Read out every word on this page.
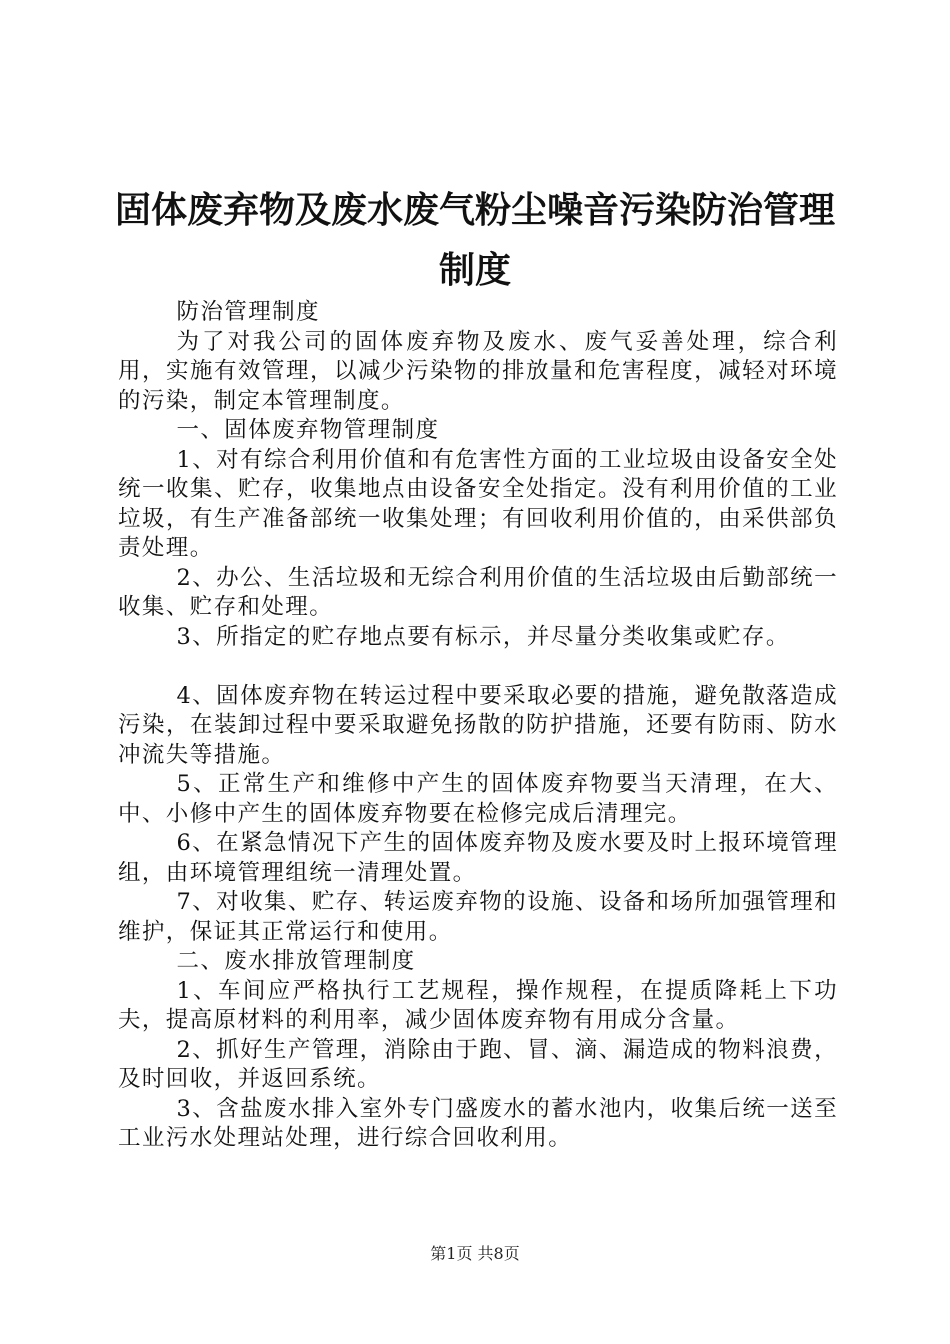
固体废弃物及废水废气粉尘噪音污染防治管理
制度

防治管理制度

为了对我公司的固体废弃物及废水、废气妥善处理，综合利用，实施有效管理，以减少污染物的排放量和危害程度，减轻对环境的污染，制定本管理制度。

一、固体废弃物管理制度

1、对有综合利用价值和有危害性方面的工业垃圾由设备安全处统一收集、贮存，收集地点由设备安全处指定。没有利用价值的工业垃圾，有生产准备部统一收集处理；有回收利用价值的，由采供部负责处理。

2、办公、生活垃圾和无综合利用价值的生活垃圾由后勤部统一收集、贮存和处理。

3、所指定的贮存地点要有标示，并尽量分类收集或贮存。

4、固体废弃物在转运过程中要采取必要的措施，避免散落造成污染，在装卸过程中要采取避免扬散的防护措施，还要有防雨、防水冲流失等措施。

5、正常生产和维修中产生的固体废弃物要当天清理，在大、中、小修中产生的固体废弃物要在检修完成后清理完。

6、在紧急情况下产生的固体废弃物及废水要及时上报环境管理组，由环境管理组统一清理处置。

7、对收集、贮存、转运废弃物的设施、设备和场所加强管理和维护，保证其正常运行和使用。

二、废水排放管理制度

1、车间应严格执行工艺规程，操作规程，在提质降耗上下功夫，提高原材料的利用率，减少固体废弃物有用成分含量。

2、抓好生产管理，消除由于跑、冒、滴、漏造成的物料浪费，及时回收，并返回系统。

3、含盐废水排入室外专门盛废水的蓄水池内，收集后统一送至工业污水处理站处理，进行综合回收利用。

第1页 共8页
